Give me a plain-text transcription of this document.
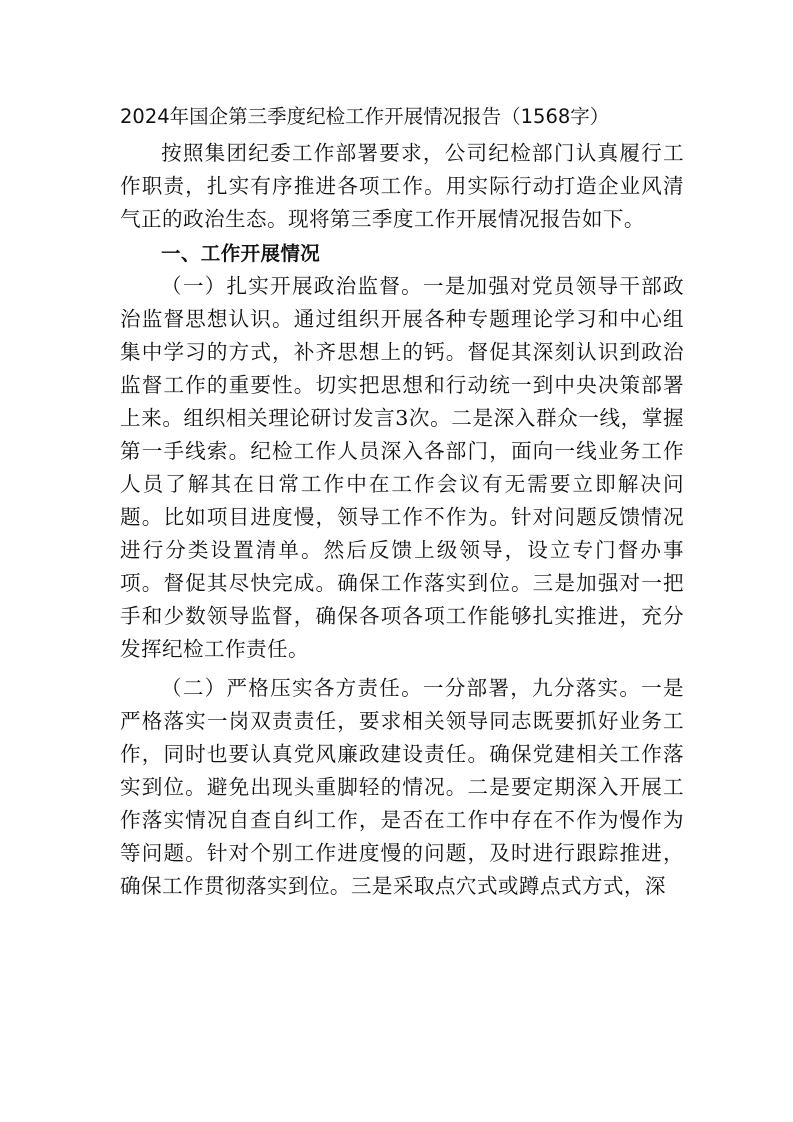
2024年国企第三季度纪检工作开展情况报告（1568字）

按照集团纪委工作部署要求，公司纪检部门认真履行工作职责，扎实有序推进各项工作。用实际行动打造企业风清气正的政治生态。现将第三季度工作开展情况报告如下。

一、工作开展情况

（一）扎实开展政治监督。一是加强对党员领导干部政治监督思想认识。通过组织开展各种专题理论学习和中心组集中学习的方式，补齐思想上的钙。督促其深刻认识到政治监督工作的重要性。切实把思想和行动统一到中央决策部署上来。组织相关理论研讨发言3次。二是深入群众一线，掌握第一手线索。纪检工作人员深入各部门，面向一线业务工作人员了解其在日常工作中在工作会议有无需要立即解决问题。比如项目进度慢，领导工作不作为。针对问题反馈情况进行分类设置清单。然后反馈上级领导，设立专门督办事项。督促其尽快完成。确保工作落实到位。三是加强对一把手和少数领导监督，确保各项各项工作能够扎实推进，充分发挥纪检工作责任。

（二）严格压实各方责任。一分部署，九分落实。一是严格落实一岗双责责任，要求相关领导同志既要抓好业务工作，同时也要认真党风廉政建设责任。确保党建相关工作落实到位。避免出现头重脚轻的情况。二是要定期深入开展工作落实情况自查自纠工作，是否在工作中存在不作为慢作为等问题。针对个别工作进度慢的问题，及时进行跟踪推进，确保工作贯彻落实到位。三是采取点穴式或蹲点式方式，深
